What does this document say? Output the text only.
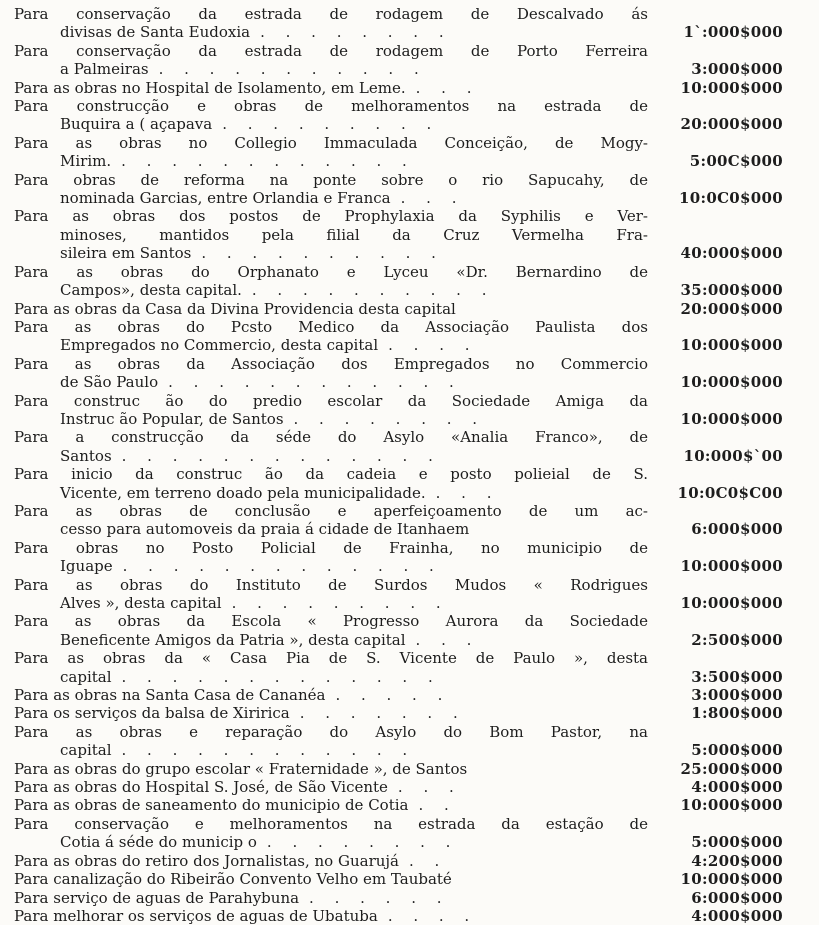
Para conservação da estrada de rodagem de Descalvado ás
divisas de Santa Eudoxia . . . . . . . .	1`:000$000
Para conservação da estrada de rodagem de Porto Ferreira
a Palmeiras . . . . . . . . . . .	3:000$000
Para as obras no Hospital de Isolamento, em Leme. . . .	10:000$000
Para construcção e obras de melhoramentos na estrada de
Buquira a ( açapava . . . . . . . . .	20:000$000
Para as obras no Collegio Immaculada Conceição, de Mogy-
Mirim. . . . . . . . . . . . .	5:00C$000
Para obras de reforma na ponte sobre o rio Sapucahy, de
nominada Garcias, entre Orlandia e Franca . . .	10:0C0$000
Para as obras dos postos de Prophylaxia da Syphilis e Ver-
minoses, mantidos pela filial da Cruz Vermelha Fra-
sileira em Santos . . . . . . . . . .	40:000$000
Para as obras do Orphanato e Lyceu «Dr. Bernardino de
Campos», desta capital. . . . . . . . . . .	35:000$000
Para as obras da Casa da Divina Providencia desta capital	20:000$000
Para as obras do Pcsto Medico da Associação Paulista dos
Empregados no Commercio, desta capital . . . .	10:000$000
Para as obras da Associação dos Empregados no Commercio
de São Paulo . . . . . . . . . . . .	10:000$000
Para construc ão do predio escolar da Sociedade Amiga da
Instruc ão Popular, de Santos . . . . . . . .	10:000$000
Para a construcção da séde do Asylo «Analia Franco», de
Santos . . . . . . . . . . . . .	10:000$`00
Para inicio da construc ão da cadeia e posto polieial de S.
Vicente, em terreno doado pela municipalidade. . . .	10:0C0$C00
Para as obras de conclusão e aperfeiçoamento de um ac-
cesso para automoveis da praia á cidade de Itanhaem	6:000$000
Para obras no Posto Policial de Frainha, no municipio de
Iguape . . . . . . . . . . . . .	10:000$000
Para as obras do Instituto de Surdos Mudos « Rodrigues
Alves », desta capital . . . . . . . . .	10:000$000
Para as obras da Escola « Progresso Aurora da Sociedade
Beneficente Amigos da Patria », desta capital . . .	2:500$000
Para as obras da « Casa Pia de S. Vicente de Paulo », desta
capital . . . . . . . . . . . . .	3:500$000
Para as obras na Santa Casa de Cananéa . . . . .	3:000$000
Para os serviços da balsa de Xiririca . . . . . . .	1:800$000
Para as obras e reparação do Asylo do Bom Pastor, na
capital . . . . . . . . . . . .	5:000$000
Para as obras do grupo escolar « Fraternidade », de Santos	25:000$000
Para as obras do Hospital S. José, de São Vicente . . .	4:000$000
Para as obras de saneamento do municipio de Cotia . .	10:000$000
Para conservação e melhoramentos na estrada da estação de
Cotia á séde do municip o . . . . . . . .	5:000$000
Para as obras do retiro dos Jornalistas, no Guarujá . .	4:200$000
Para canalização do Ribeirão Convento Velho em Taubaté	10:000$000
Para serviço de aguas de Parahybuna . . . . . .	6:000$000
Para melhorar os serviços de aguas de Ubatuba . . . .	4:000$000
